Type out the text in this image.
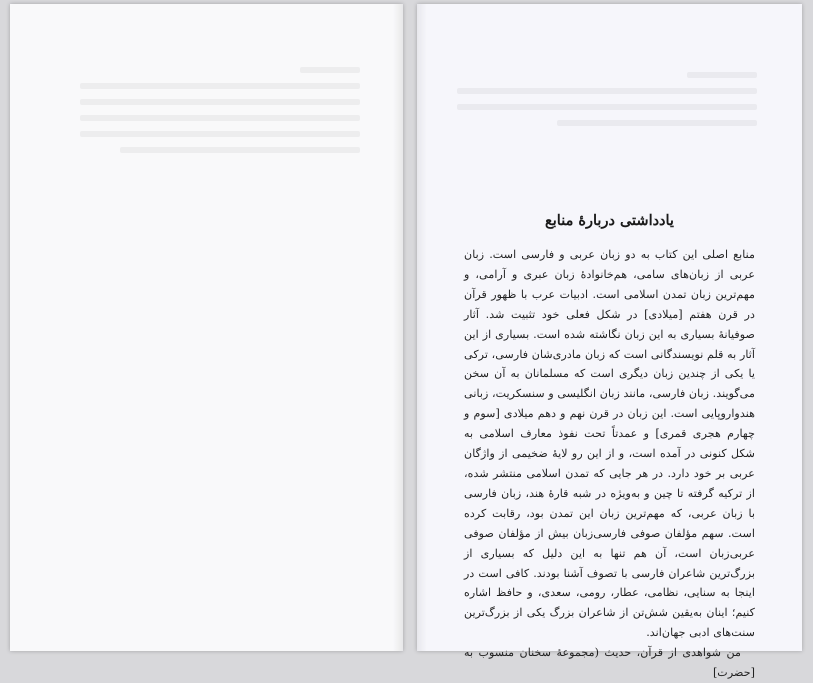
یادداشتی دربارهٔ منابع

منابع اصلی این کتاب به دو زبان عربی و فارسی است. زبان عربی از زبان‌های سامی، هم‌خانوادهٔ زبان عبری و آرامی، و مهم‌ترین زبان تمدن اسلامی است. ادبیات عرب با ظهور قرآن در قرن هفتم [میلادی] در شکل فعلی خود تثبیت شد. آثار صوفیانهٔ بسیاری به این زبان نگاشته شده است. بسیاری از این آثار به قلم نویسندگانی است که زبان مادری‌شان فارسی، ترکی یا یکی از چندین زبان دیگری است که مسلمانان به آن سخن می‌گویند. زبان فارسی، مانند زبان انگلیسی و سنسکریت، زبانی هندواروپایی است. این زبان در قرن نهم و دهم میلادی [سوم و چهارم هجری قمری] و عمدتاً تحت نفوذ معارف اسلامی به شکل کنونی در آمده است، و از این رو لایهٔ ضخیمی از واژگان عربی بر خود دارد. در هر جایی که تمدن اسلامی منتشر شده، از ترکیه گرفته تا چین و به‌ویژه در شبه قارهٔ هند، زبان فارسی با زبان عربی، که مهم‌ترین زبان این تمدن بود، رقابت کرده است. سهم مؤلفان صوفی فارسی‌زبان بیش از مؤلفان صوفی عربی‌زبان است، آن هم تنها به این دلیل که بسیاری از بزرگ‌ترین شاعران فارسی با تصوف آشنا بودند. کافی است در اینجا به سنایی، نظامی، عطار، رومی، سعدی، و حافظ اشاره کنیم؛ اینان به‌یقین شش‌تن از شاعران بزرگ یکی از بزرگ‌ترین سنت‌های ادبی جهان‌اند.

من شواهدی از قرآن، حدیث (مجموعهٔ سخنان منسوب به [حضرت]
